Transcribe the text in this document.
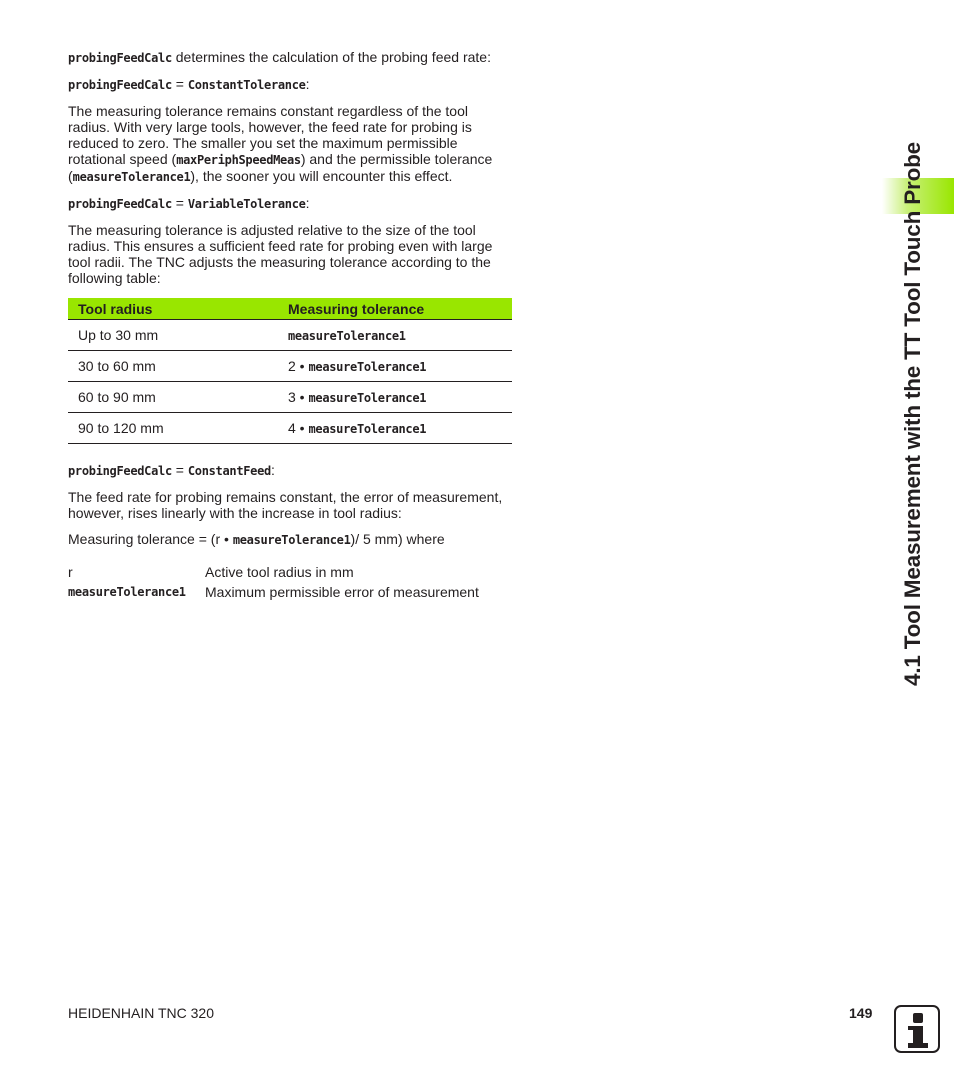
probingFeedCalc determines the calculation of the probing feed rate:

probingFeedCalc = ConstantTolerance:

The measuring tolerance remains constant regardless of the tool radius. With very large tools, however, the feed rate for probing is reduced to zero. The smaller you set the maximum permissible rotational speed (maxPeriphSpeedMeas) and the permissible tolerance (measureTolerance1), the sooner you will encounter this effect.

probingFeedCalc = VariableTolerance:

The measuring tolerance is adjusted relative to the size of the tool radius. This ensures a sufficient feed rate for probing even with large tool radii. The TNC adjusts the measuring tolerance according to the following table:

Tool radius	Measuring tolerance
Up to 30 mm	measureTolerance1
30 to 60 mm	2 • measureTolerance1
60 to 90 mm	3 • measureTolerance1
90 to 120 mm	4 • measureTolerance1

probingFeedCalc = ConstantFeed:

The feed rate for probing remains constant, the error of measurement, however, rises linearly with the increase in tool radius:

Measuring tolerance = (r • measureTolerance1)/ 5 mm) where

r	Active tool radius in mm
measureTolerance1	Maximum permissible error of measurement	4.1 Tool Measurement with the TT Tool Touch Probe
HEIDENHAIN TNC 320	149
